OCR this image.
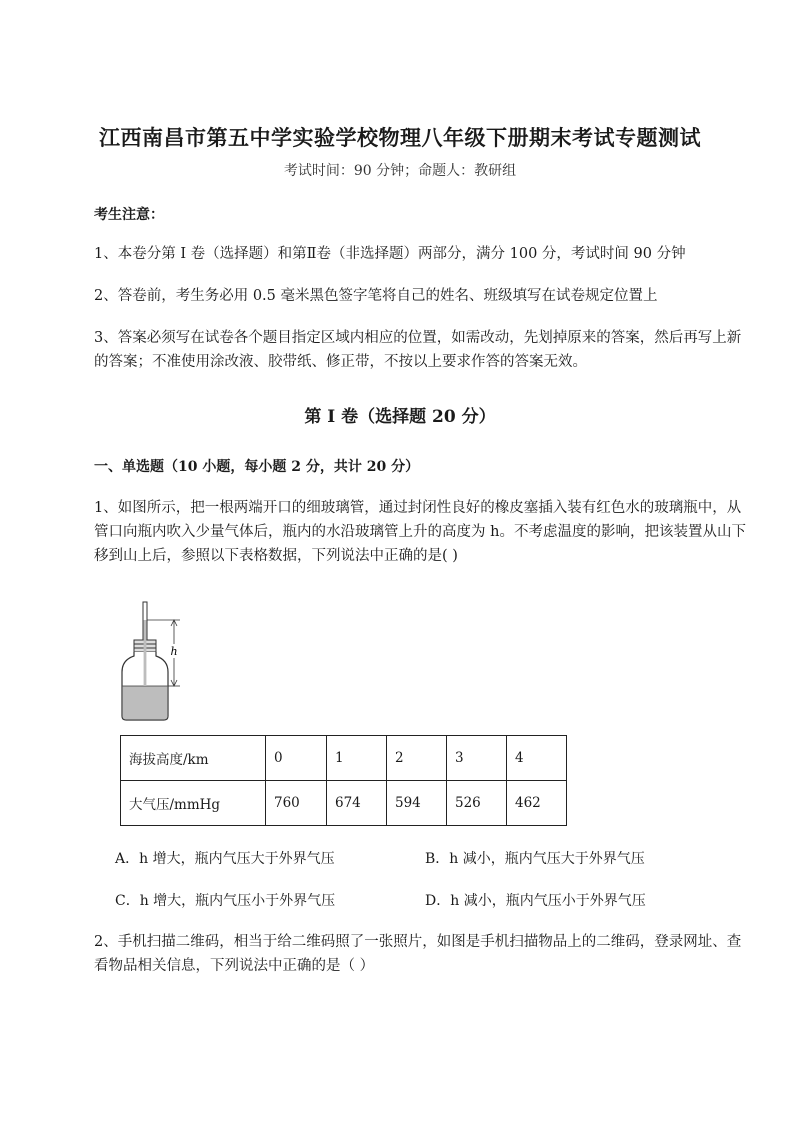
江西南昌市第五中学实验学校物理八年级下册期末考试专题测试
考试时间：90 分钟；命题人：教研组
考生注意：
1、本卷分第 I 卷（选择题）和第Ⅱ卷（非选择题）两部分，满分 100 分，考试时间 90 分钟
2、答卷前，考生务必用 0.5 毫米黑色签字笔将自己的姓名、班级填写在试卷规定位置上
3、答案必须写在试卷各个题目指定区域内相应的位置，如需改动，先划掉原来的答案，然后再写上新的答案；不准使用涂改液、胶带纸、修正带，不按以上要求作答的答案无效。
第 I 卷（选择题 20 分）
一、单选题（10 小题，每小题 2 分，共计 20 分）
1、如图所示，把一根两端开口的细玻璃管，通过封闭性良好的橡皮塞插入装有红色水的玻璃瓶中，从管口向瓶内吹入少量气体后，瓶内的水沿玻璃管上升的高度为 h。不考虑温度的影响，把该装置从山下移到山上后，参照以下表格数据，下列说法中正确的是( )
h
海拔高度/km	0	1	2	3	4
大气压/mmHg	760	674	594	526	462
A．h 增大，瓶内气压大于外界气压	B．h 减小，瓶内气压大于外界气压
C．h 增大，瓶内气压小于外界气压	D．h 减小，瓶内气压小于外界气压
2、手机扫描二维码，相当于给二维码照了一张照片，如图是手机扫描物品上的二维码，登录网址、查看物品相关信息，下列说法中正确的是（ ）
